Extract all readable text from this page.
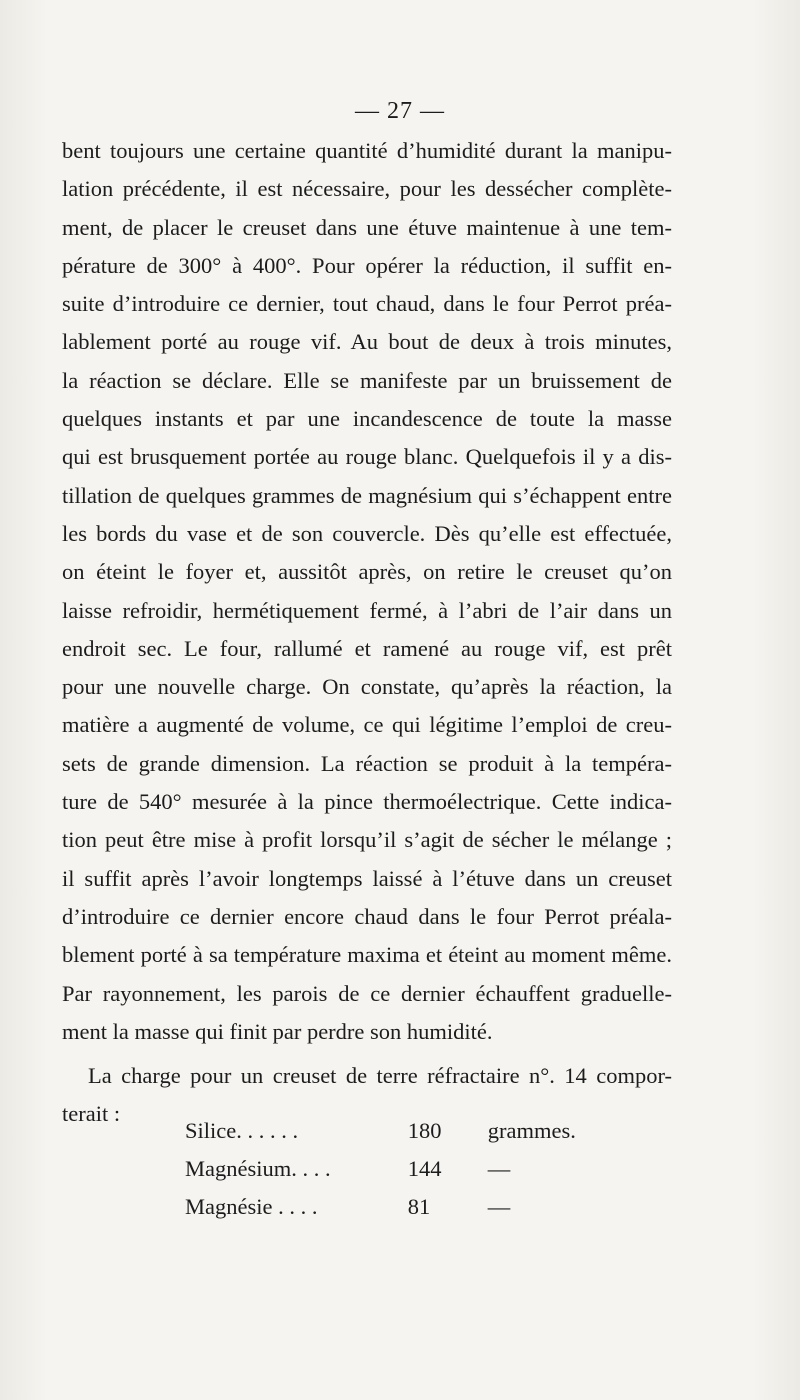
— 27 —
bent toujours une certaine quantité d’humidité durant la manipu-
lation précédente, il est nécessaire, pour les dessécher complète-
ment, de placer le creuset dans une étuve maintenue à une tem-
pérature de 300° à 400°. Pour opérer la réduction, il suffit en-
suite d’introduire ce dernier, tout chaud, dans le four Perrot préa-
lablement porté au rouge vif. Au bout de deux à trois minutes,
la réaction se déclare. Elle se manifeste par un bruissement de
quelques instants et par une incandescence de toute la masse
qui est brusquement portée au rouge blanc. Quelquefois il y a dis-
tillation de quelques grammes de magnésium qui s’échappent entre
les bords du vase et de son couvercle. Dès qu’elle est effectuée,
on éteint le foyer et, aussitôt après, on retire le creuset qu’on
laisse refroidir, hermétiquement fermé, à l’abri de l’air dans un
endroit sec. Le four, rallumé et ramené au rouge vif, est prêt
pour une nouvelle charge. On constate, qu’après la réaction, la
matière a augmenté de volume, ce qui légitime l’emploi de creu-
sets de grande dimension. La réaction se produit à la tempéra-
ture de 540° mesurée à la pince thermoélectrique. Cette indica-
tion peut être mise à profit lorsqu’il s’agit de sécher le mélange ;
il suffit après l’avoir longtemps laissé à l’étuve dans un creuset
d’introduire ce dernier encore chaud dans le four Perrot préala-
blement porté à sa température maxima et éteint au moment même.
Par rayonnement, les parois de ce dernier échauffent graduelle-
ment la masse qui finit par perdre son humidité.
La charge pour un creuset de terre réfractaire n°. 14 compor-
terait :
Silice. . . . . .	180	grammes.
Magnésium. . . .	144	—
Magnésie . . . .	81	—
